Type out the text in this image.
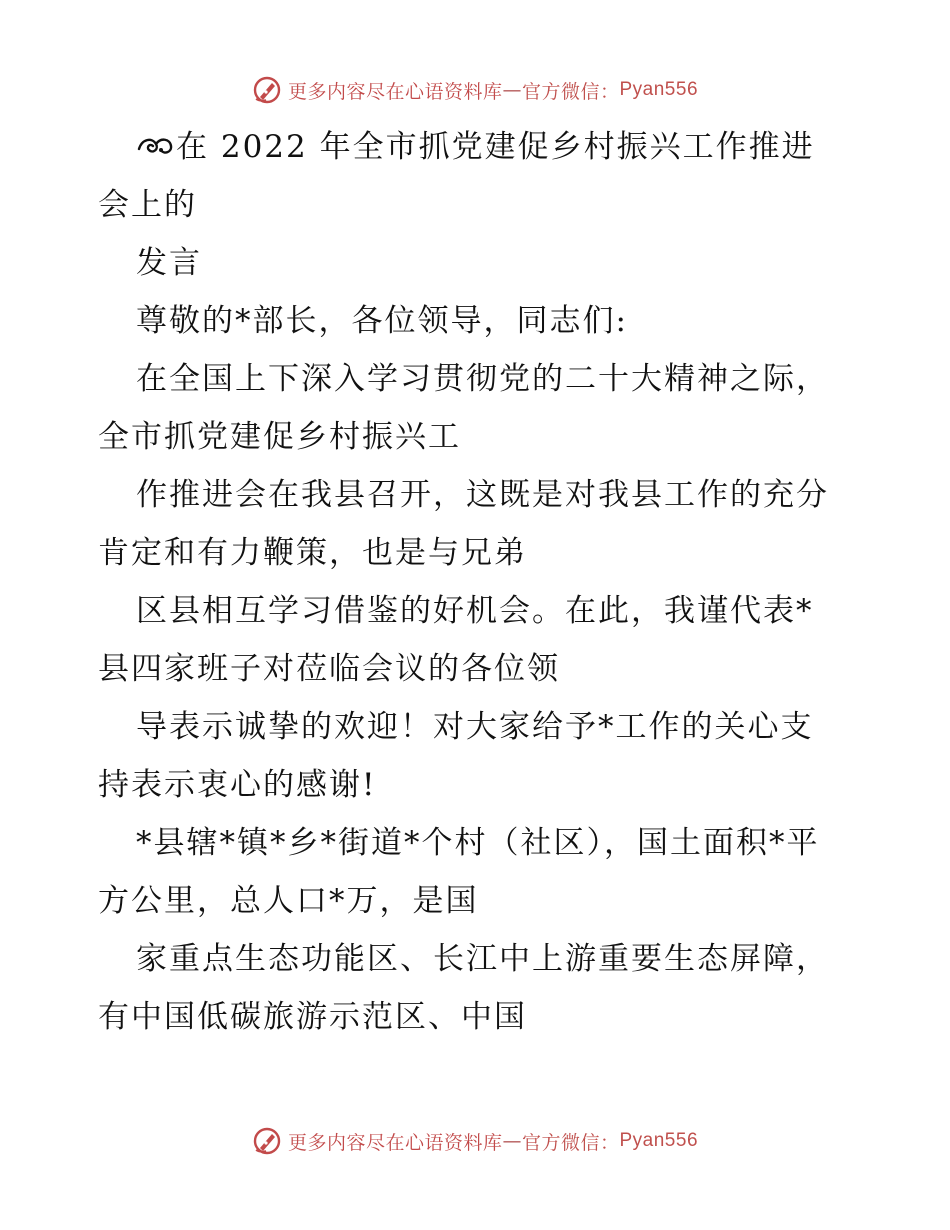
更多内容尽在心语资料库 — 官方微信： Pyan556
在 2022 年全市抓党建促乡村振兴工作推进
会上的
发言
尊敬的*部长，各位领导，同志们:
在全国上下深入学习贯彻党的二十大精神之际，
全市抓党建促乡村振兴工
作推进会在我县召开，这既是对我县工作的充分
肯定和有力鞭策，也是与兄弟
区县相互学习借鉴的好机会。在此，我谨代表*
县四家班子对莅临会议的各位领
导表示诚挚的欢迎！对大家给予*工作的关心支
持表示衷心的感谢!
*县辖*镇*乡*街道*个村（社区），国土面积*平
方公里，总人口*万，是国
家重点生态功能区、长江中上游重要生态屏障，
有中国低碳旅游示范区、中国
更多内容尽在心语资料库 — 官方微信： Pyan556
